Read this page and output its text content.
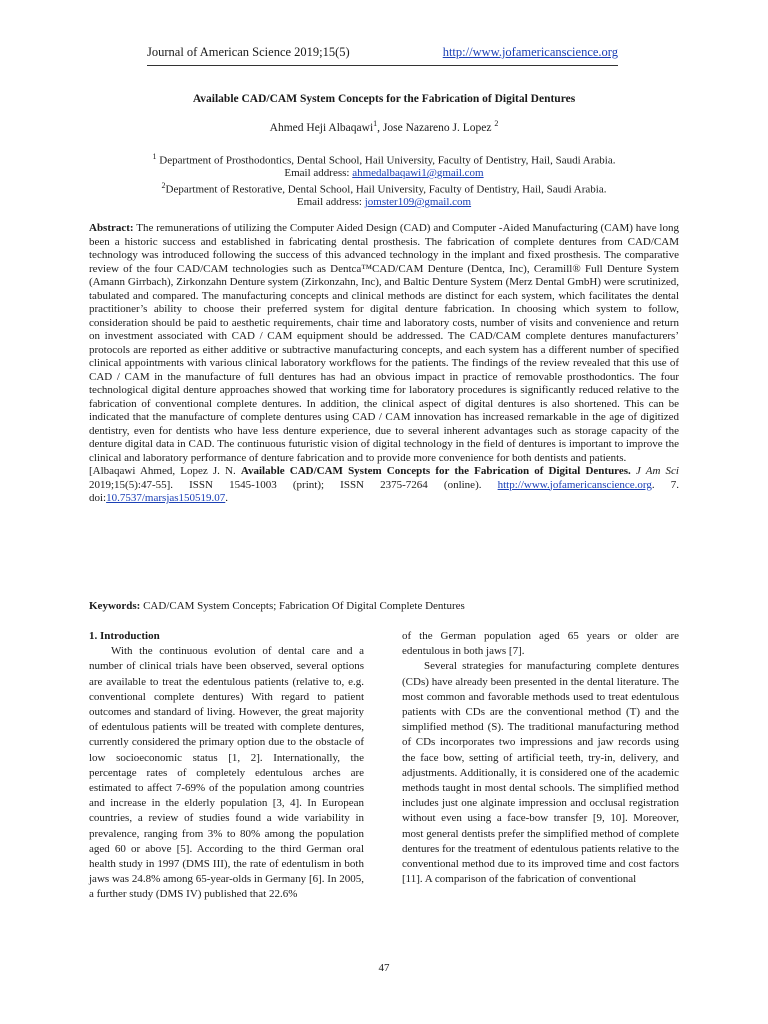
Journal of American Science 2019;15(5)	http://www.jofamericanscience.org
Available CAD/CAM System Concepts for the Fabrication of Digital Dentures
Ahmed Heji Albaqawi$^1$, Jose Nazareno J. Lopez $^2$
$^1$ Department of Prosthodontics, Dental School, Hail University, Faculty of Dentistry, Hail, Saudi Arabia.
Email address: ahmedalbaqawi1@gmail.com
$^2$Department of Restorative, Dental School, Hail University, Faculty of Dentistry, Hail, Saudi Arabia.
Email address: jomster109@gmail.com
Abstract: The remunerations of utilizing the Computer Aided Design (CAD) and Computer -Aided Manufacturing (CAM) have long been a historic success and established in fabricating dental prosthesis. The fabrication of complete dentures from CAD/CAM technology was introduced following the success of this advanced technology in the implant and fixed prosthesis. The comparative review of the four CAD/CAM technologies such as Dentca™CAD/CAM Denture (Dentca, Inc), Ceramill® Full Denture System (Amann Girrbach), Zirkonzahn Denture system (Zirkonzahn, Inc), and Baltic Denture System (Merz Dental GmbH) were scrutinized, tabulated and compared. The manufacturing concepts and clinical methods are distinct for each system, which facilitates the dental practitioner’s ability to choose their preferred system for digital denture fabrication. In choosing which system to follow, consideration should be paid to aesthetic requirements, chair time and laboratory costs, number of visits and convenience and return on investment associated with CAD / CAM equipment should be addressed. The CAD/CAM complete dentures manufacturers’ protocols are reported as either additive or subtractive manufacturing concepts, and each system has a different number of specified clinical appointments with various clinical laboratory workflows for the patients. The findings of the review revealed that this use of CAD / CAM in the manufacture of full dentures has had an obvious impact in practice of removable prosthodontics. The four technological digital denture approaches showed that working time for laboratory procedures is significantly reduced relative to the fabrication of conventional complete dentures. In addition, the clinical aspect of digital dentures is also shortened. This can be indicated that the manufacture of complete dentures using CAD / CAM innovation has increased remarkable in the age of digitized dentistry, even for dentists who have less denture experience, due to several inherent advantages such as storage capacity of the denture digital data in CAD. The continuous futuristic vision of digital technology in the field of dentures is important to improve the clinical and laboratory performance of denture fabrication and to provide more convenience for both dentists and patients.
[Albaqawi Ahmed, Lopez J. N. Available CAD/CAM System Concepts for the Fabrication of Digital Dentures. J Am Sci 2019;15(5):47-55]. ISSN 1545-1003 (print); ISSN 2375-7264 (online). http://www.jofamericanscience.org. 7. doi:10.7537/marsjas150519.07.
Keywords: CAD/CAM System Concepts; Fabrication Of Digital Complete Dentures

1. Introduction

With the continuous evolution of dental care and a number of clinical trials have been observed, several options are available to treat the edentulous patients (relative to, e.g. conventional complete dentures) With regard to patient outcomes and standard of living. However, the great majority of edentulous patients will be treated with complete dentures, currently considered the primary option due to the obstacle of low socioeconomic status [1, 2]. Internationally, the percentage rates of completely edentulous arches are estimated to affect 7-69% of the population among countries and increase in the elderly population [3, 4]. In European countries, a review of studies found a wide variability in prevalence, ranging from 3% to 80% among the population aged 60 or above [5]. According to the third German oral health study in 1997 (DMS III), the rate of edentulism in both jaws was 24.8% among 65-year-olds in Germany [6]. In 2005, a further study (DMS IV) published that 22.6%

of the German population aged 65 years or older are edentulous in both jaws [7].

Several strategies for manufacturing complete dentures (CDs) have already been presented in the dental literature. The most common and favorable methods used to treat edentulous patients with CDs are the conventional method (T) and the simplified method (S). The traditional manufacturing method of CDs incorporates two impressions and jaw records using the face bow, setting of artificial teeth, try-in, delivery, and adjustments. Additionally, it is considered one of the academic methods taught in most dental schools. The simplified method includes just one alginate impression and occlusal registration without even using a face-bow transfer [9, 10]. Moreover, most general dentists prefer the simplified method of complete dentures for the treatment of edentulous patients relative to the conventional method due to its improved time and cost factors [11]. A comparison of the fabrication of conventional

47
